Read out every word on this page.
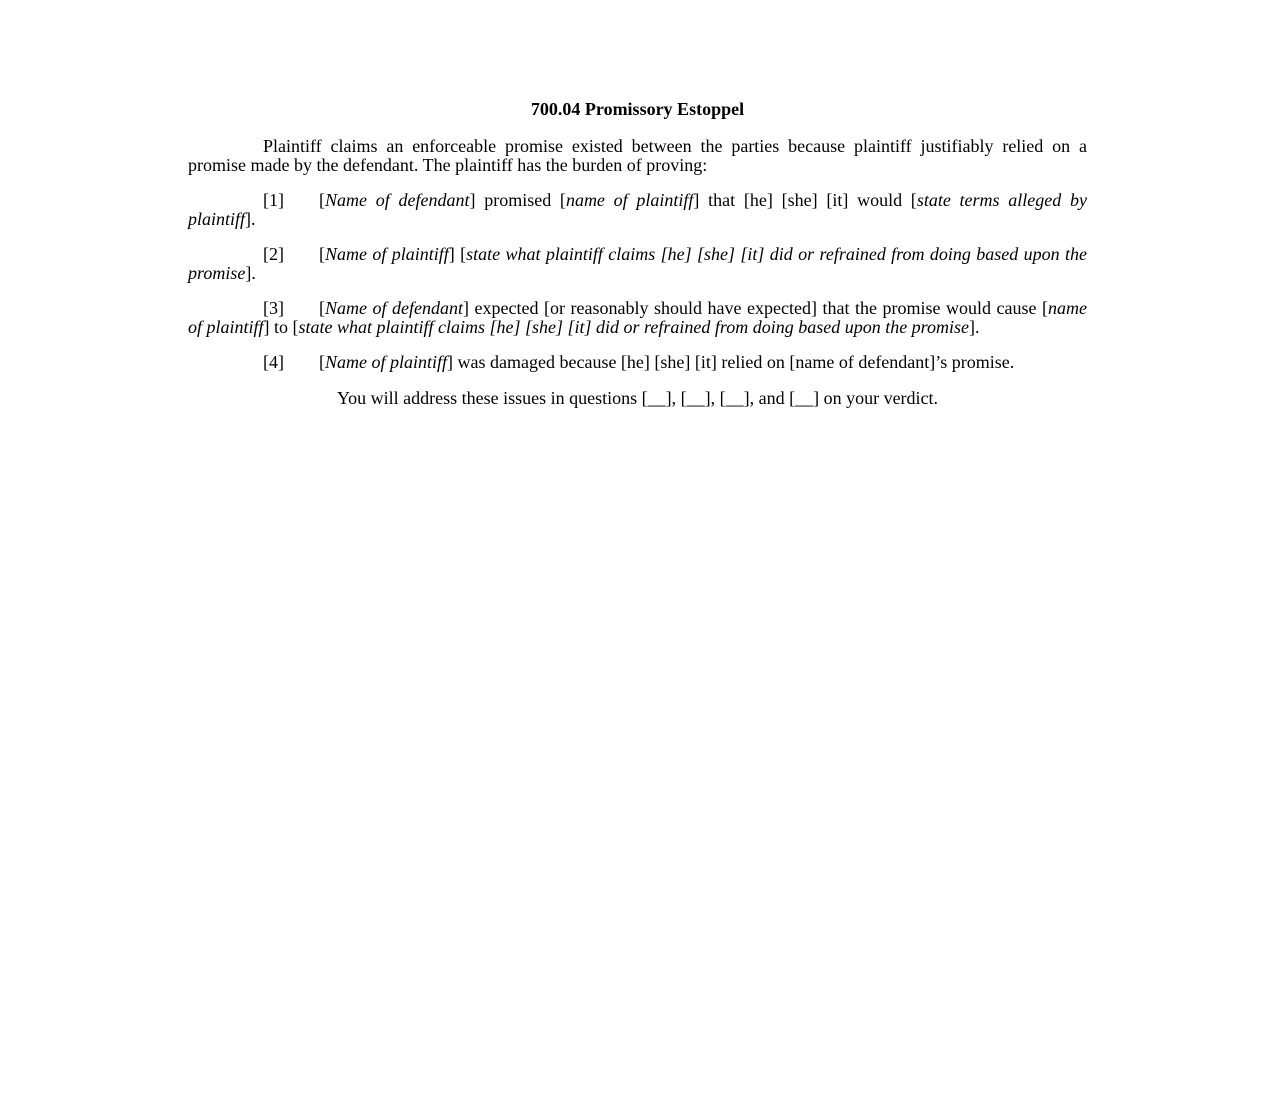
700.04 Promissory Estoppel

Plaintiff claims an enforceable promise existed between the parties because plaintiff justifiably relied on a promise made by the defendant. The plaintiff has the burden of proving:

[1] [Name of defendant] promised [name of plaintiff] that [he] [she] [it] would [state terms alleged by plaintiff].

[2] [Name of plaintiff] [state what plaintiff claims [he] [she] [it] did or refrained from doing based upon the promise].

[3] [Name of defendant] expected [or reasonably should have expected] that the promise would cause [name of plaintiff] to [state what plaintiff claims [he] [she] [it] did or refrained from doing based upon the promise].

[4] [Name of plaintiff] was damaged because [he] [she] [it] relied on [name of defendant]’s promise.

You will address these issues in questions [__], [__], [__], and [__] on your verdict.
